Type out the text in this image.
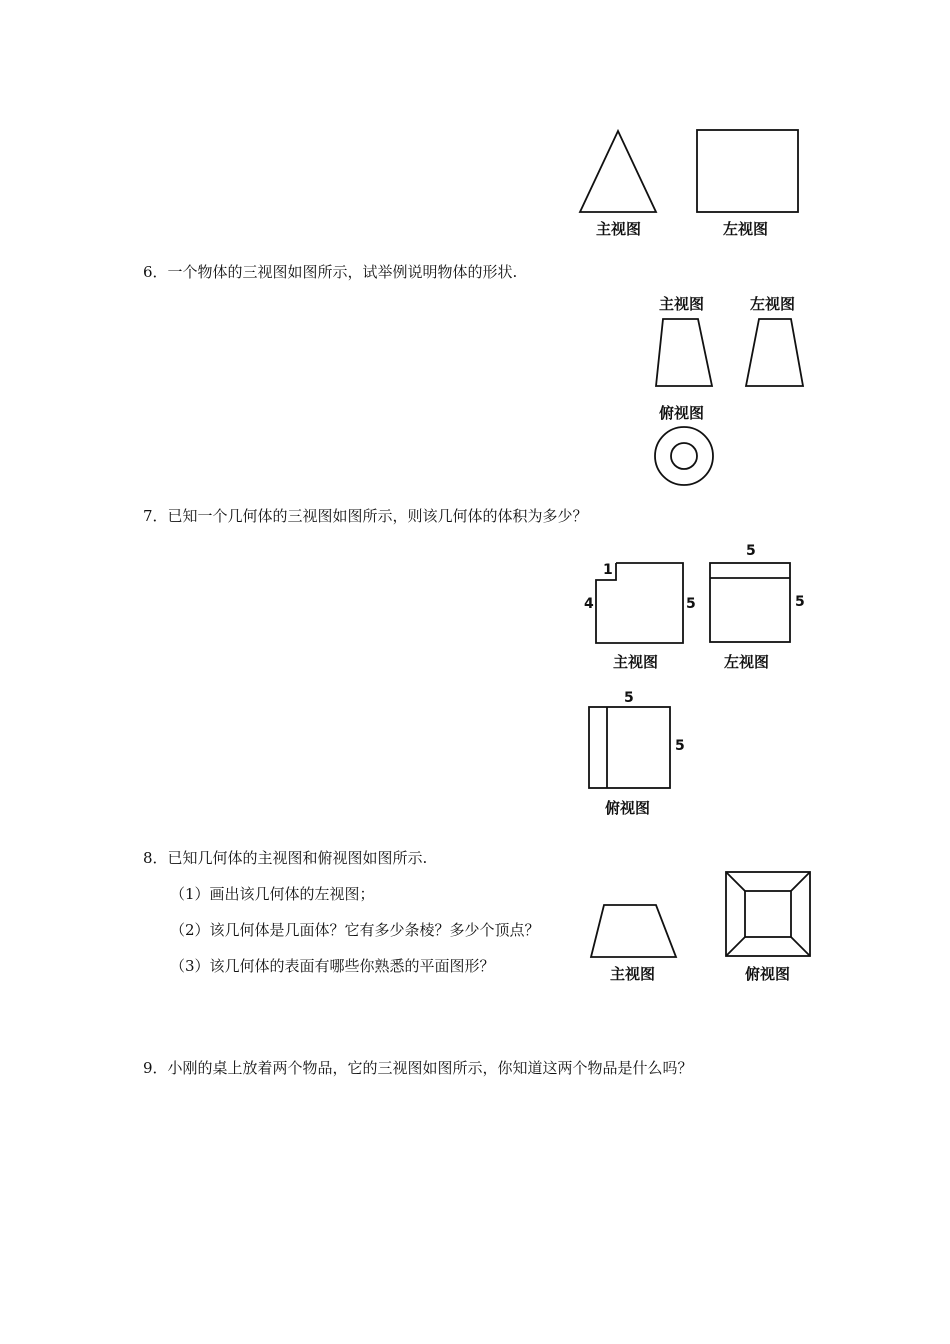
主视图	左视图
6．一个物体的三视图如图所示，试举例说明物体的形状.
主视图	左视图
俯视图
7．已知一个几何体的三视图如图所示，则该几何体的体积为多少？
1
4	5
主视图
5
5
左视图
5
5
俯视图
8．已知几何体的主视图和俯视图如图所示.
（1）画出该几何体的左视图；
（2）该几何体是几面体？它有多少条棱？多少个顶点？
（3）该几何体的表面有哪些你熟悉的平面图形？	主视图	俯视图
9．小刚的桌上放着两个物品，它的三视图如图所示，你知道这两个物品是什么吗？
